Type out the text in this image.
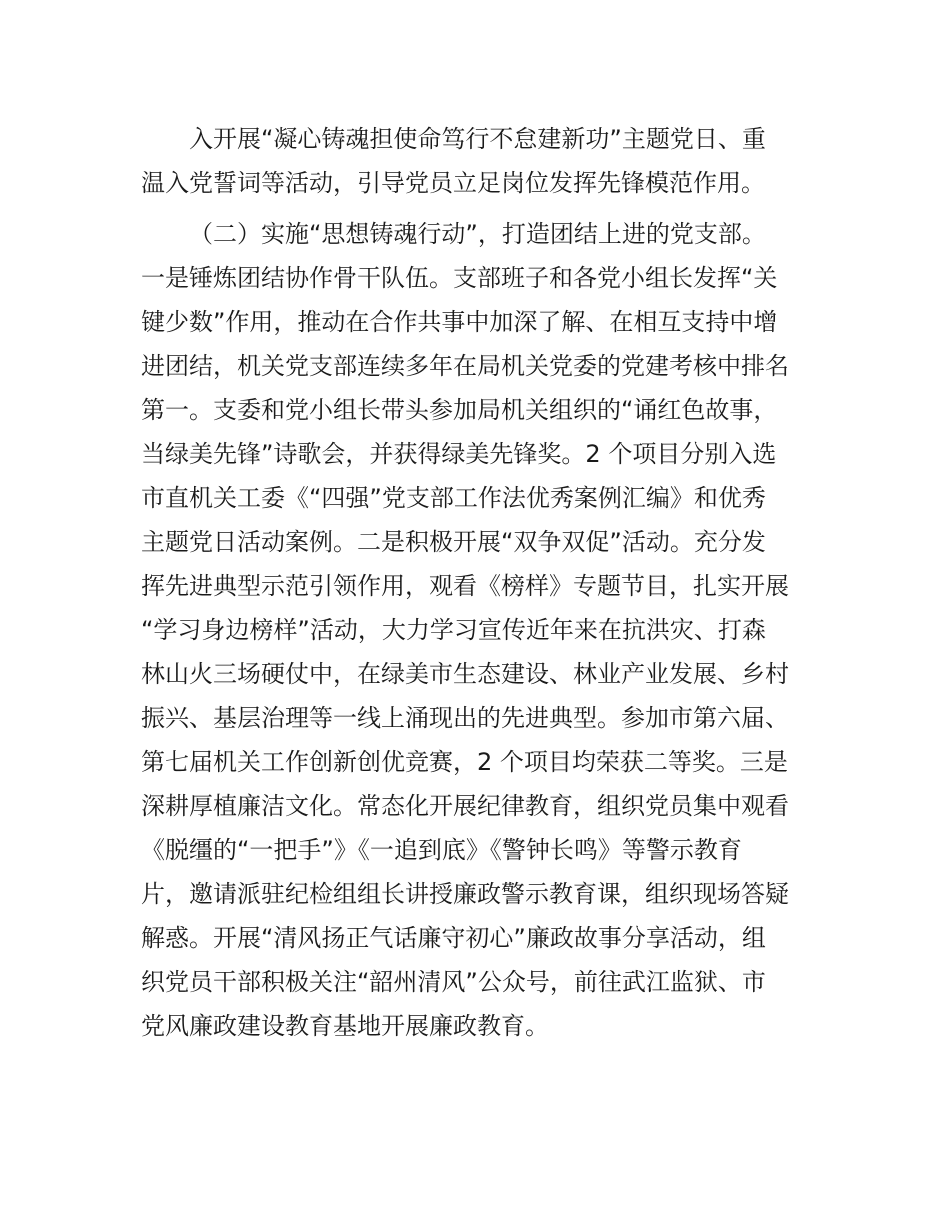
入开展“凝心铸魂担使命笃行不怠建新功”主题党日、重
温入党誓词等活动，引导党员立足岗位发挥先锋模范作用。
（二）实施“思想铸魂行动”，打造团结上进的党支部。
一是锤炼团结协作骨干队伍。支部班子和各党小组长发挥“关
键少数”作用，推动在合作共事中加深了解、在相互支持中增
进团结，机关党支部连续多年在局机关党委的党建考核中排名
第一。支委和党小组长带头参加局机关组织的“诵红色故事，
当绿美先锋”诗歌会，并获得绿美先锋奖。2 个项目分别入选
市直机关工委《“四强”党支部工作法优秀案例汇编》和优秀
主题党日活动案例。二是积极开展“双争双促”活动。充分发
挥先进典型示范引领作用，观看《榜样》专题节目，扎实开展
“学习身边榜样”活动，大力学习宣传近年来在抗洪灾、打森
林山火三场硬仗中，在绿美市生态建设、林业产业发展、乡村
振兴、基层治理等一线上涌现出的先进典型。参加市第六届、
第七届机关工作创新创优竞赛，2 个项目均荣获二等奖。三是
深耕厚植廉洁文化。常态化开展纪律教育，组织党员集中观看
《脱缰的“一把手”》《一追到底》《警钟长鸣》等警示教育
片，邀请派驻纪检组组长讲授廉政警示教育课，组织现场答疑
解惑。开展“清风扬正气话廉守初心”廉政故事分享活动，组
织党员干部积极关注“韶州清风”公众号，前往武江监狱、市
党风廉政建设教育基地开展廉政教育。
